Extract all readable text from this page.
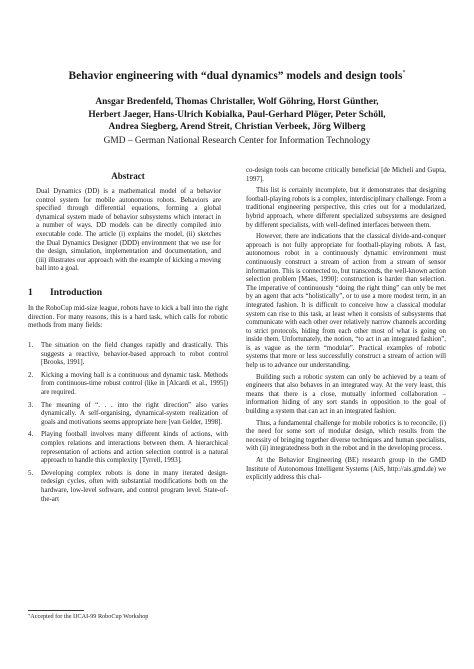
Behavior engineering with “dual dynamics” models and design tools*
Ansgar Bredenfeld, Thomas Christaller, Wolf Göhring, Horst Günther,
Herbert Jaeger, Hans-Ulrich Kobialka, Paul-Gerhard Plöger, Peter Schöll,
Andrea Siegberg, Arend Streit, Christian Verbeek, Jörg Wilberg
GMD – German National Research Center for Information Technology
Abstract
Dual Dynamics (DD) is a mathematical model of a behavior control system for mobile autonomous robots. Behaviors are specified through differential equations, forming a global dynamical system made of behavior subsystems which interact in a number of ways. DD models can be directly compiled into executable code. The article (i) explains the model, (ii) sketches the Dual Dynamics Designer (DDD) environment that we use for the design, simulation, implementation and documentation, and (iii) illustrates our approach with the example of kicking a moving ball into a goal.
1 Introduction
In the RoboCup mid-size league, robots have to kick a ball into the right direction. For many reasons, this is a hard task, which calls for robotic methods from many fields:
1. The situation on the field changes rapidly and drastically. This suggests a reactive, behavior-based approach to robot control [Brooks, 1991].
2. Kicking a moving ball is a continuous and dynamic task. Methods from continuous-time robust control (like in [Alcardi et al., 1995]) are required.
3. The meaning of “. . . into the right direction” also varies dynamically. A self-organising, dynamical-system realization of goals and motivations seems appropriate here [van Gelder, 1998].
4. Playing football involves many different kinds of actions, with complex relations and interactions between them. A hierarchical representation of actions and action selection control is a natural approach to handle this complexity [Tyrrell, 1993].
5. Developing complex robots is done in many iterated design-redesign cycles, often with substantial modifications both on the hardware, low-level software, and control program level. State-of-the-art
*Accepted for the IJCAI-99 RoboCup Workshop

co-design tools can become critically beneficial [de Micheli and Gupta, 1997].

This list is certainly incomplete, but it demonstrates that designing football-playing robots is a complex, interdisciplinary challenge. From a traditional engineering perspective, this cries out for a modularized, hybrid approach, where different specialized subsystems are designed by different specialists, with well-defined interfaces between them.

However, there are indications that the classical divide-and-conquer approach is not fully appropriate for football-playing robots. A fast, autonomous robot in a continuously dynamic environment must continuously construct a stream of action from a stream of sensor information. This is connected to, but transcends, the well-known action selection problem [Maes, 1990]: construction is harder than selection. The imperative of continuously “doing the right thing” can only be met by an agent that acts “holistically”, or to use a more modest term, in an integrated fashion. It is difficult to conceive how a classical modular system can rise to this task, at least when it consists of subsystems that communicate with each other over relatively narrow channels according to strict protocols, hiding from each other most of what is going on inside them. Unfortunately, the notion, “to act in an integrated fashion”, is as vague as the term “modular”. Practical examples of robotic systems that more or less successfully construct a stream of action will help us to advance our understanding.

Building such a robotic system can only be achieved by a team of engineers that also behaves in an integrated way. At the very least, this means that there is a close, mutually informed collaboration – information hiding of any sort stands in opposition to the goal of building a system that can act in an integrated fashion.

Thus, a fundamental challenge for mobile robotics is to reconcile, (i) the need for some sort of modular design, which results from the necessity of bringing together diverse techniques and human specialists, with (ii) integratedness both in the robot and in the developing process.

At the Behavior Engineering (BE) research group in the GMD Institute of Autonomous Intelligent Systems (AiS, http://ais.gmd.de) we explicitly address this chal-
